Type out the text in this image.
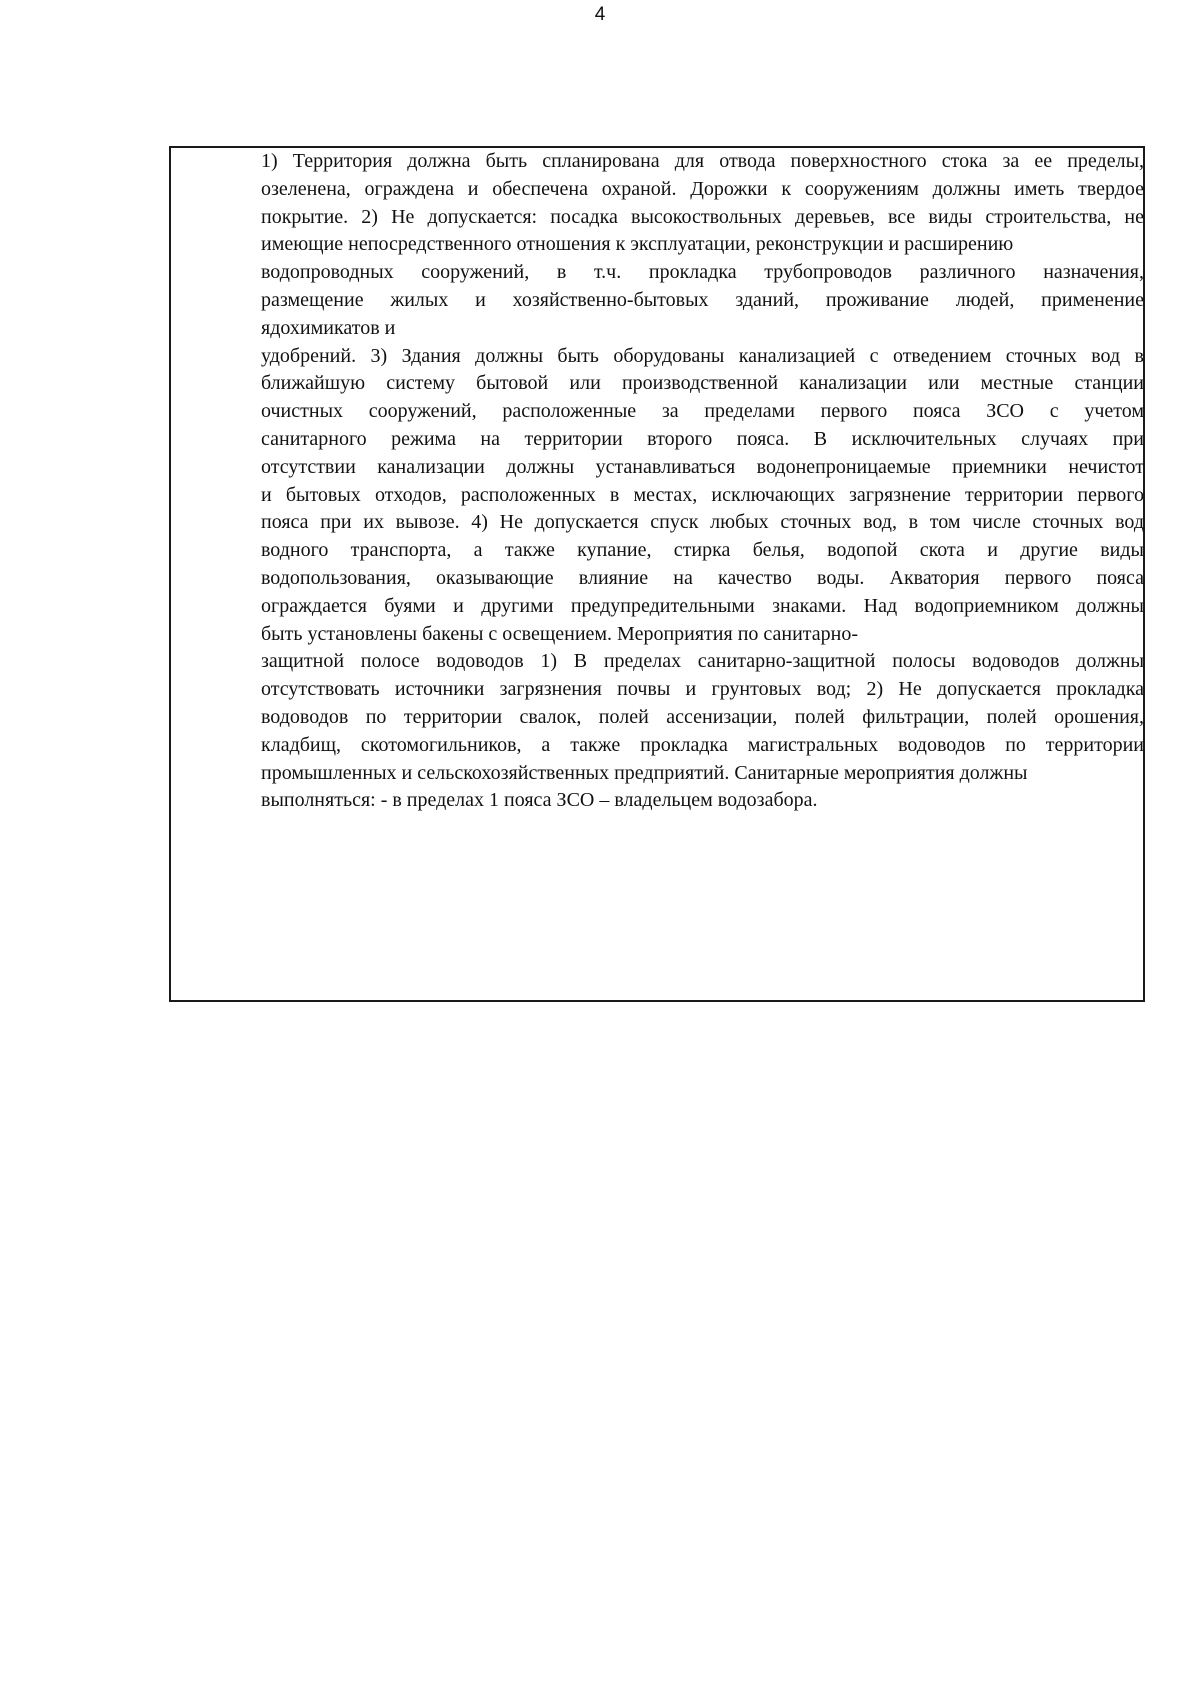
4
1) Территория должна быть спланирована для отвода поверхностного стока за ее пределы,
озеленена, ограждена и обеспечена охраной. Дорожки к сооружениям должны иметь твердое
покрытие. 2) Не допускается: посадка высокоствольных деревьев, все виды строительства, не
имеющие непосредственного отношения к эксплуатации, реконструкции и расширению
водопроводных сооружений, в т.ч. прокладка трубопроводов различного назначения,
размещение жилых и хозяйственно-бытовых зданий, проживание людей, применение
ядохимикатов и
удобрений. 3) Здания должны быть оборудованы канализацией с отведением сточных вод в
ближайшую систему бытовой или производственной канализации или местные станции
очистных сооружений, расположенные за пределами первого пояса ЗСО с учетом
санитарного режима на территории второго пояса. В исключительных случаях при
отсутствии канализации должны устанавливаться водонепроницаемые приемники нечистот
и бытовых отходов, расположенных в местах, исключающих загрязнение территории первого
пояса при их вывозе. 4) Не допускается спуск любых сточных вод, в том числе сточных вод
водного транспорта, а также купание, стирка белья, водопой скота и другие виды
водопользования, оказывающие влияние на качество воды. Акватория первого пояса
ограждается буями и другими предупредительными знаками. Над водоприемником должны
быть установлены бакены с освещением. Мероприятия по санитарно-
защитной полосе водоводов 1) В пределах санитарно-защитной полосы водоводов должны
отсутствовать источники загрязнения почвы и грунтовых вод; 2) Не допускается прокладка
водоводов по территории свалок, полей ассенизации, полей фильтрации, полей орошения,
кладбищ, скотомогильников, а также прокладка магистральных водоводов по территории
промышленных и сельскохозяйственных предприятий. Санитарные мероприятия должны
выполняться: - в пределах 1 пояса ЗСО – владельцем водозабора.
